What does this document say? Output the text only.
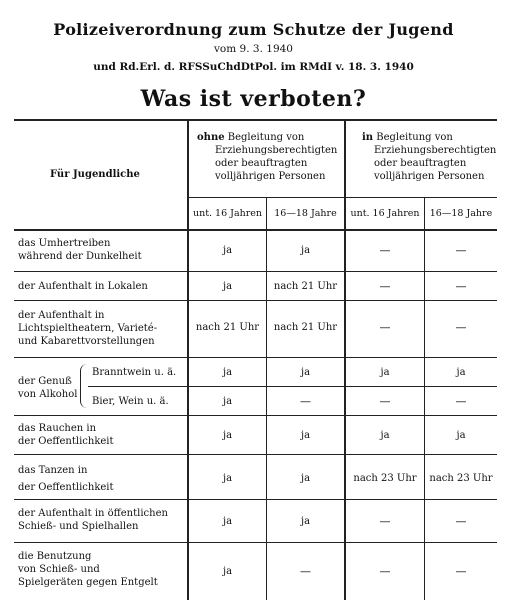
Polizeiverordnung zum Schutze der Jugend
vom 9. 3. 1940
und Rd.Erl. d. RFSSuChdDtPol. im RMdI v. 18. 3. 1940
Was ist verboten?
Für Jugendliche
ohne Begleitung von
Erziehungsberechtigten
oder beauftragten
volljährigen Personen
in Begleitung von
Erziehungsberechtigten
oder beauftragten
volljährigen Personen
unt. 16 Jahren	16—18 Jahre	unt. 16 Jahren	16—18 Jahre
das Umhertreiben
während der Dunkelheit
ja	ja	—	—
der Aufenthalt in Lokalen	ja	nach 21 Uhr	—	—
der Aufenthalt in
Lichtspieltheatern, Varieté-
und Kabarettvorstellungen
nach 21 Uhr	nach 21 Uhr	—	—
der Genuß
von Alkohol
Branntwein u. ä.	ja	ja	ja	ja
Bier, Wein u. ä.	ja	—	—	—
das Rauchen in
der Oeffentlichkeit
ja	ja	ja	ja
das Tanzen in
der Oeffentlichkeit
ja	ja	nach 23 Uhr	nach 23 Uhr
der Aufenthalt in öffentlichen
Schieß- und Spielhallen	ja	ja	—	—
die Benutzung
von Schieß- und
Spielgeräten gegen Entgelt
ja	—	—	—
